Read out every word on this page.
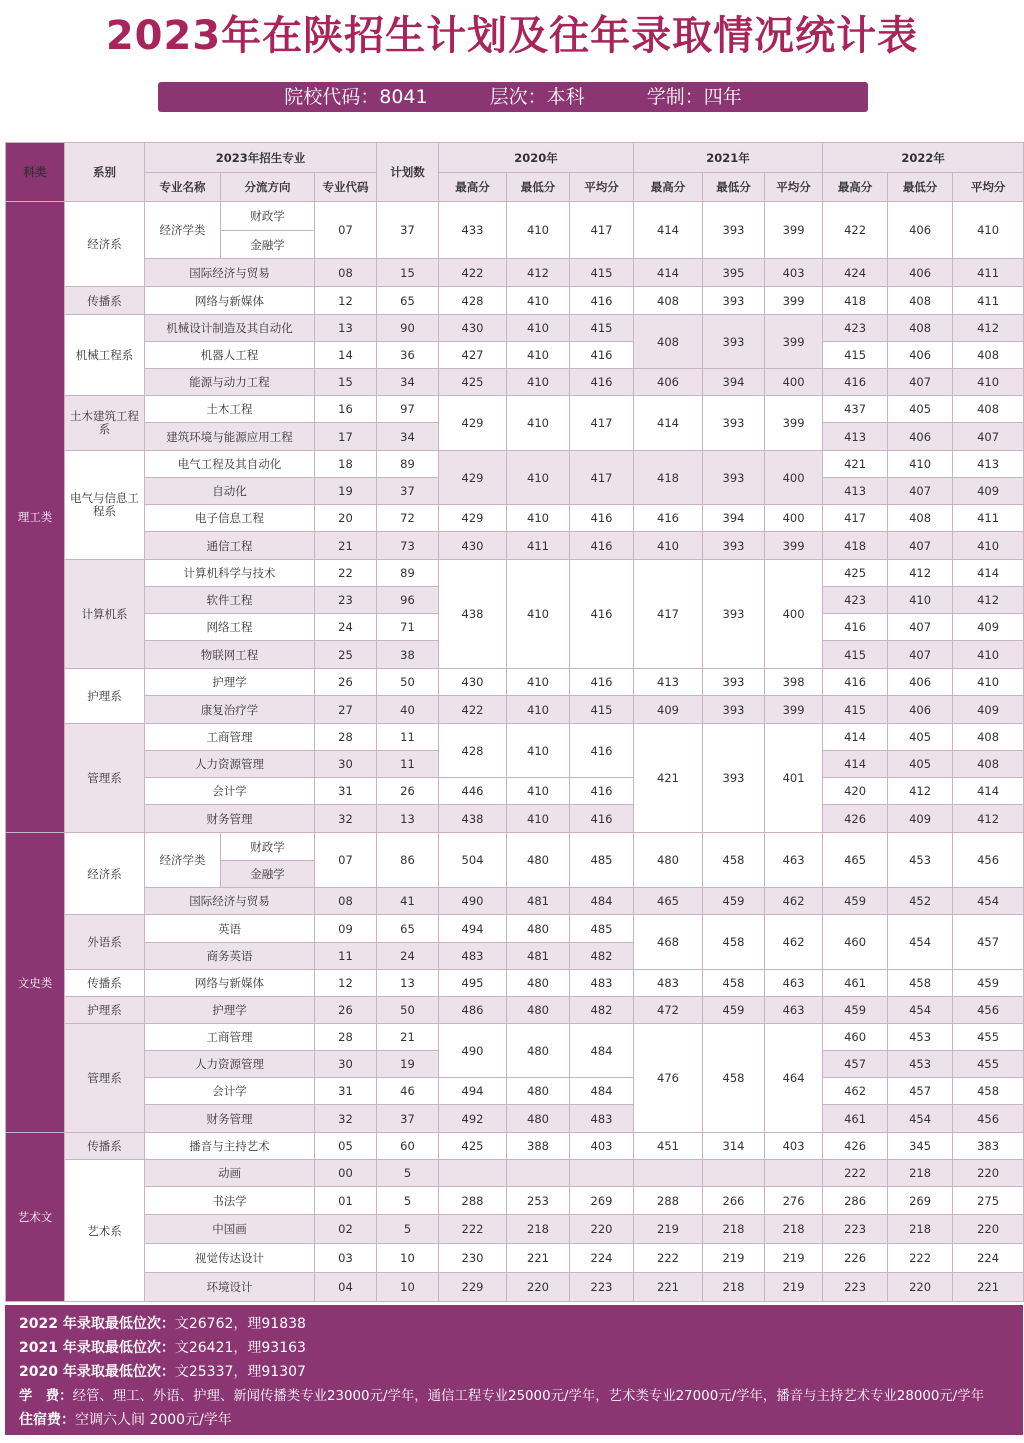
2023年在陕招生计划及往年录取情况统计表
院校代码：8041	层次：本科	学制：四年
科类	系别	2023年招生专业			计划数	2020年			2021年			2022年		
		专业名称	分流方向	专业代码		最高分	最低分	平均分	最高分	最低分	平均分	最高分	最低分	平均分
理工类	经济系	经济学类	财政学	07	37	433	410	417	414	393	399	422	406	410
			金融学											
		国际经济与贸易		08	15	422	412	415	414	395	403	424	406	411
	传播系	网络与新媒体		12	65	428	410	416	408	393	399	418	408	411
	机械工程系	机械设计制造及其自动化		13	90	430	410	415	408	393	399	423	408	412
		机器人工程		14	36	427	410	416				415	406	408
		能源与动力工程		15	34	425	410	416	406	394	400	416	407	410
	土木建筑工程系	土木工程		16	97	429	410	417	414	393	399	437	405	408
		建筑环境与能源应用工程		17	34							413	406	407
	电气与信息工程系	电气工程及其自动化		18	89	429	410	417	418	393	400	421	410	413
		自动化		19	37							413	407	409
		电子信息工程		20	72	429	410	416	416	394	400	417	408	411
		通信工程		21	73	430	411	416	410	393	399	418	407	410
	计算机系	计算机科学与技术		22	89	438	410	416	417	393	400	425	412	414
		软件工程		23	96							423	410	412
		网络工程		24	71							416	407	409
		物联网工程		25	38							415	407	410
	护理系	护理学		26	50	430	410	416	413	393	398	416	406	410
		康复治疗学		27	40	422	410	415	409	393	399	415	406	409
	管理系	工商管理		28	11	428	410	416	421	393	401	414	405	408
		人力资源管理		30	11							414	405	408
		会计学		31	26	446	410	416				420	412	414
		财务管理		32	13	438	410	416				426	409	412
文史类	经济系	经济学类	财政学	07	86	504	480	485	480	458	463	465	453	456
			金融学											
		国际经济与贸易		08	41	490	481	484	465	459	462	459	452	454
	外语系	英语		09	65	494	480	485	468	458	462	460	454	457
		商务英语		11	24	483	481	482						
	传播系	网络与新媒体		12	13	495	480	483	483	458	463	461	458	459
	护理系	护理学		26	50	486	480	482	472	459	463	459	454	456
	管理系	工商管理		28	21	490	480	484	476	458	464	460	453	455
		人力资源管理		30	19							457	453	455
		会计学		31	46	494	480	484				462	457	458
		财务管理		32	37	492	480	483				461	454	456
艺术文	传播系	播音与主持艺术		05	60	425	388	403	451	314	403	426	345	383
	艺术系	动画		00	5							222	218	220
		书法学		01	5	288	253	269	288	266	276	286	269	275
		中国画		02	5	222	218	220	219	218	218	223	218	220
		视觉传达设计		03	10	230	221	224	222	219	219	226	222	224
		环境设计		04	10	229	220	223	221	218	219	223	220	221
2022 年录取最低位次：文26762，理91838
2021 年录取最低位次：文26421，理93163
2020 年录取最低位次：文25337，理91307
学　费：经管、理工、外语、护理、新闻传播类专业23000元/学年，通信工程专业25000元/学年，艺术类专业27000元/学年，播音与主持艺术专业28000元/学年
住宿费：空调六人间 2000元/学年
